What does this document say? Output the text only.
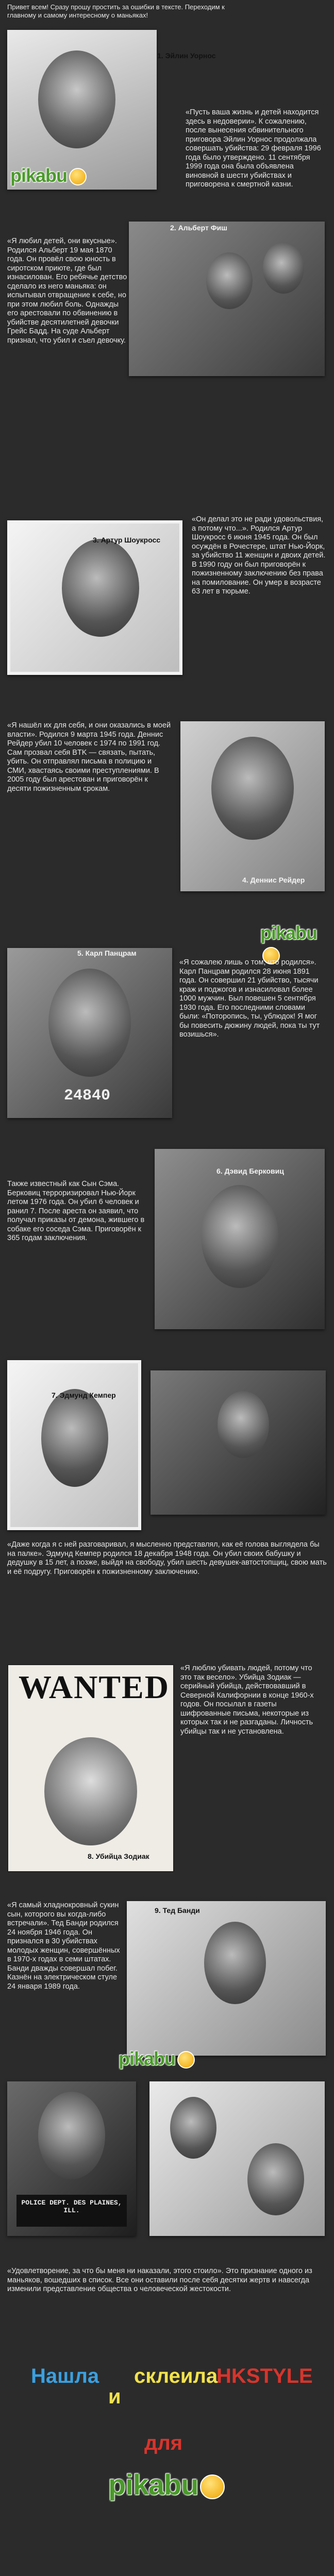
Привет всем! Сразу прошу простить за ошибки в тексте. Переходим к главному и самому интересному о маньяках!
1. Эйлин Уорнос
pikabu
«Пусть ваша жизнь и детей находится здесь в недоверии». К сожалению, после вынесения обвинительного приговора Эйлин Уорнос продолжала совершать убийства: 29 февраля 1996 года было утверждено. 11 сентября 1999 года она была объявлена виновной в шести убийствах и приговорена к смертной казни.
2. Альберт Фиш
«Я любил детей, они вкусные». Родился Альберт 19 мая 1870 года. Он провёл свою юность в сиротском приюте, где был изнасилован. Его ребячье детство сделало из него маньяка: он испытывал отвращение к себе, но при этом любил боль. Однажды его арестовали по обвинению в убийстве десятилетней девочки Грейс Бадд. На суде Альберт признал, что убил и съел девочку.
3. Артур Шоукросс
«Он делал это не ради удовольствия, а потому что...». Родился Артур Шоукросс 6 июня 1945 года. Он был осуждён в Рочестере, штат Нью-Йорк, за убийство 11 женщин и двоих детей. В 1990 году он был приговорён к пожизненному заключению без права на помилование. Он умер в возрасте 63 лет в тюрьме.
4. Деннис Рейдер
pikabu
«Я нашёл их для себя, и они оказались в моей власти». Родился 9 марта 1945 года. Деннис Рейдер убил 10 человек с 1974 по 1991 год. Сам прозвал себя BTK — связать, пытать, убить. Он отправлял письма в полицию и СМИ, хвастаясь своими преступлениями. В 2005 году был арестован и приговорён к десяти пожизненным срокам.
24840
5. Карл Панцрам
«Я сожалею лишь о том, что родился». Карл Панцрам родился 28 июня 1891 года. Он совершил 21 убийство, тысячи краж и поджогов и изнасиловал более 1000 мужчин. Был повешен 5 сентября 1930 года. Его последними словами были: «Поторопись, ты, ублюдок! Я мог бы повесить дюжину людей, пока ты тут возишься».
6. Дэвид Берковиц
Также известный как Сын Сэма. Берковиц терроризировал Нью-Йорк летом 1976 года. Он убил 6 человек и ранил 7. После ареста он заявил, что получал приказы от демона, жившего в собаке его соседа Сэма. Приговорён к 365 годам заключения.
7. Эдмунд Кемпер
«Даже когда я с ней разговаривал, я мысленно представлял, как её голова выглядела бы на палке». Эдмунд Кемпер родился 18 декабря 1948 года. Он убил своих бабушку и дедушку в 15 лет, а позже, выйдя на свободу, убил шесть девушек-автостопщиц, свою мать и её подругу. Приговорён к пожизненному заключению.
WANTED
8. Убийца Зодиак
«Я люблю убивать людей, потому что это так весело». Убийца Зодиак — серийный убийца, действовавший в Северной Калифорнии в конце 1960-х годов. Он посылал в газеты шифрованные письма, некоторые из которых так и не разгаданы. Личность убийцы так и не установлена.
9. Тед Банди
pikabu
«Я самый хладнокровный сукин сын, которого вы когда-либо встречали». Тед Банди родился 24 ноября 1946 года. Он признался в 30 убийствах молодых женщин, совершённых в 1970-х годах в семи штатах. Банди дважды совершал побег. Казнён на электрическом стуле 24 января 1989 года.
POLICE DEPT. DES PLAINES, ILL.
«Удовлетворение, за что бы меня ни наказали, этого стоило». Это признание одного из маньяков, вошедших в список. Все они оставили после себя десятки жертв и навсегда изменили представление общества о человеческой жестокости.
Нашла
и
склеила
HKSTYLE
для
pikabu
